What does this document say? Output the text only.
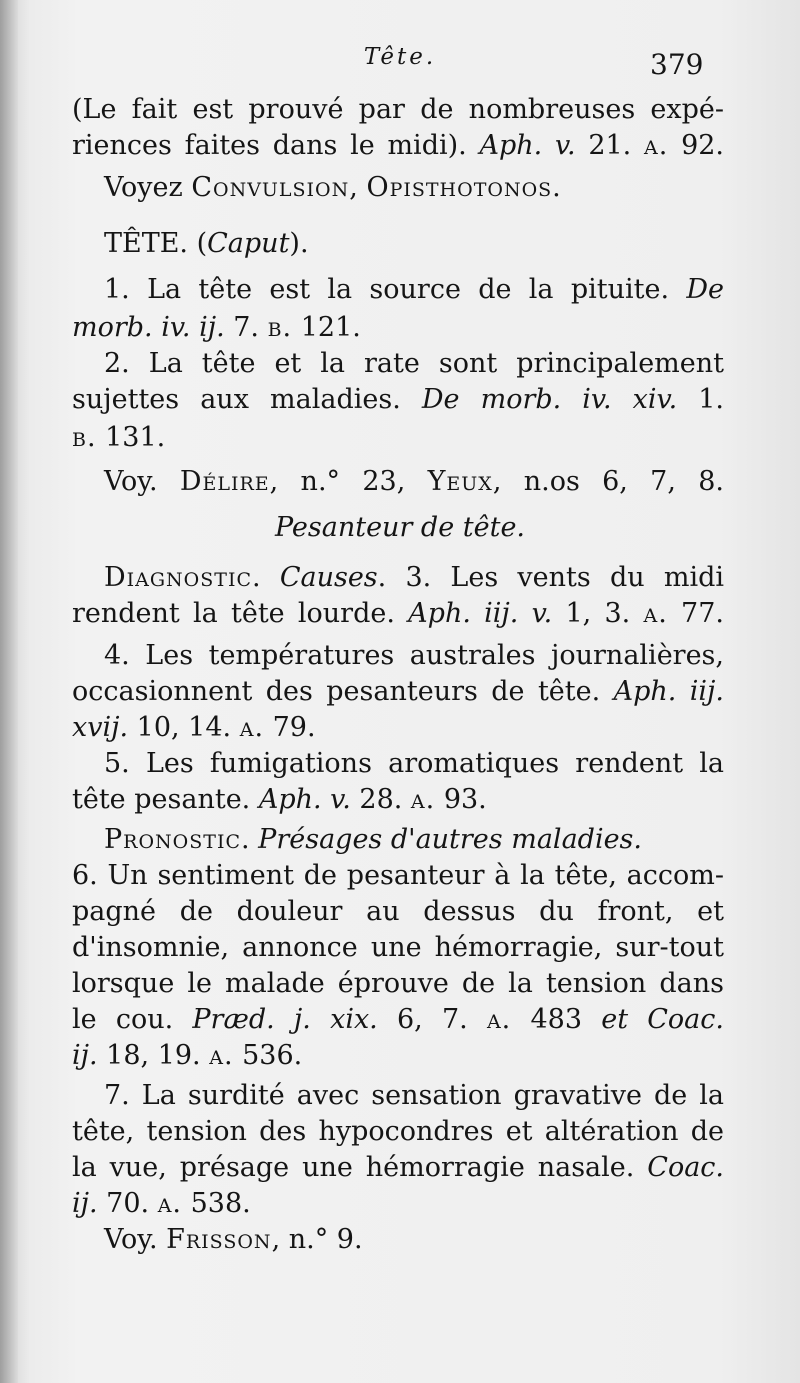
Tête.	379
(Le fait est prouvé par de nombreuses expé-
riences faites dans le midi). Aph. v. 21. a. 92.
Voyez Convulsion, Opisthotonos.
TÊTE. (Caput).
1. La tête est la source de la pituite. De
morb. iv. ij. 7. b. 121.
2. La tête et la rate sont principalement
sujettes aux maladies. De morb. iv. xiv. 1.
b. 131.
Voy. Délire, n.° 23, Yeux, n.os 6, 7, 8.
Pesanteur de tête.
Diagnostic. Causes. 3. Les vents du midi
rendent la tête lourde. Aph. iij. v. 1, 3. a. 77.
4. Les températures australes journalières,
occasionnent des pesanteurs de tête. Aph. iij.
xvij. 10, 14. a. 79.
5. Les fumigations aromatiques rendent la
tête pesante. Aph. v. 28. a. 93.
Pronostic. Présages d'autres maladies.
6. Un sentiment de pesanteur à la tête, accom-
pagné de douleur au dessus du front, et
d'insomnie, annonce une hémorragie, sur-tout
lorsque le malade éprouve de la tension dans
le cou. Præd. j. xix. 6, 7. a. 483 et Coac.
ij. 18, 19. a. 536.
7. La surdité avec sensation gravative de la
tête, tension des hypocondres et altération de
la vue, présage une hémorragie nasale. Coac.
ij. 70. a. 538.
Voy. Frisson, n.° 9.
